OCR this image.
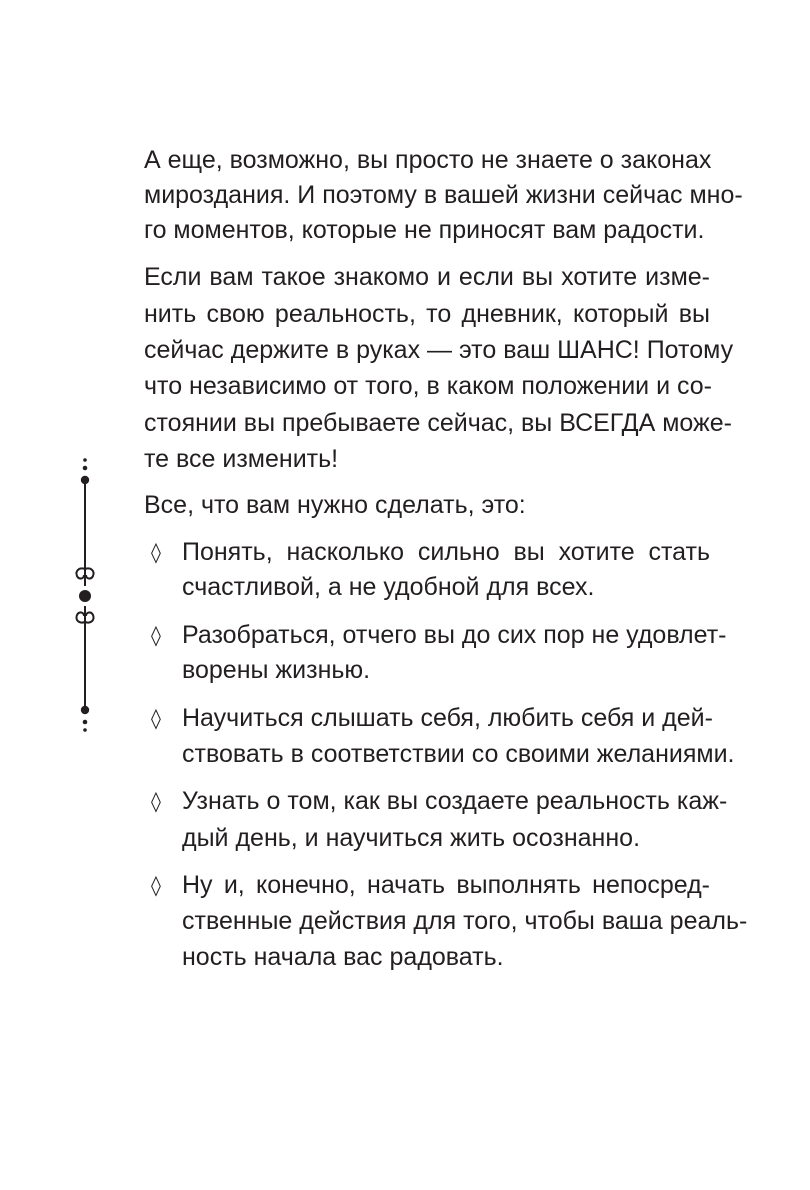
А еще, возможно, вы просто не знаете о законах
мироздания. И поэтому в вашей жизни сейчас мно-
го моментов, которые не приносят вам радости.
Если вам такое знакомо и если вы хотите изме-
нить свою реальность, то дневник, который вы
сейчас держите в руках — это ваш ШАНС! Потому
что независимо от того, в каком положении и со-
стоянии вы пребываете сейчас, вы ВСЕГДА може-
те все изменить!
Все, что вам нужно сделать, это:
◊ Понять, насколько сильно вы хотите стать
счастливой, а не удобной для всех.
◊ Разобраться, отчего вы до сих пор не удовлет-
ворены жизнью.
◊ Научиться слышать себя, любить себя и дей-
ствовать в соответствии со своими желаниями.
◊ Узнать о том, как вы создаете реальность каж-
дый день, и научиться жить осознанно.
◊ Ну и, конечно, начать выполнять непосред-
ственные действия для того, чтобы ваша реаль-
ность начала вас радовать.
